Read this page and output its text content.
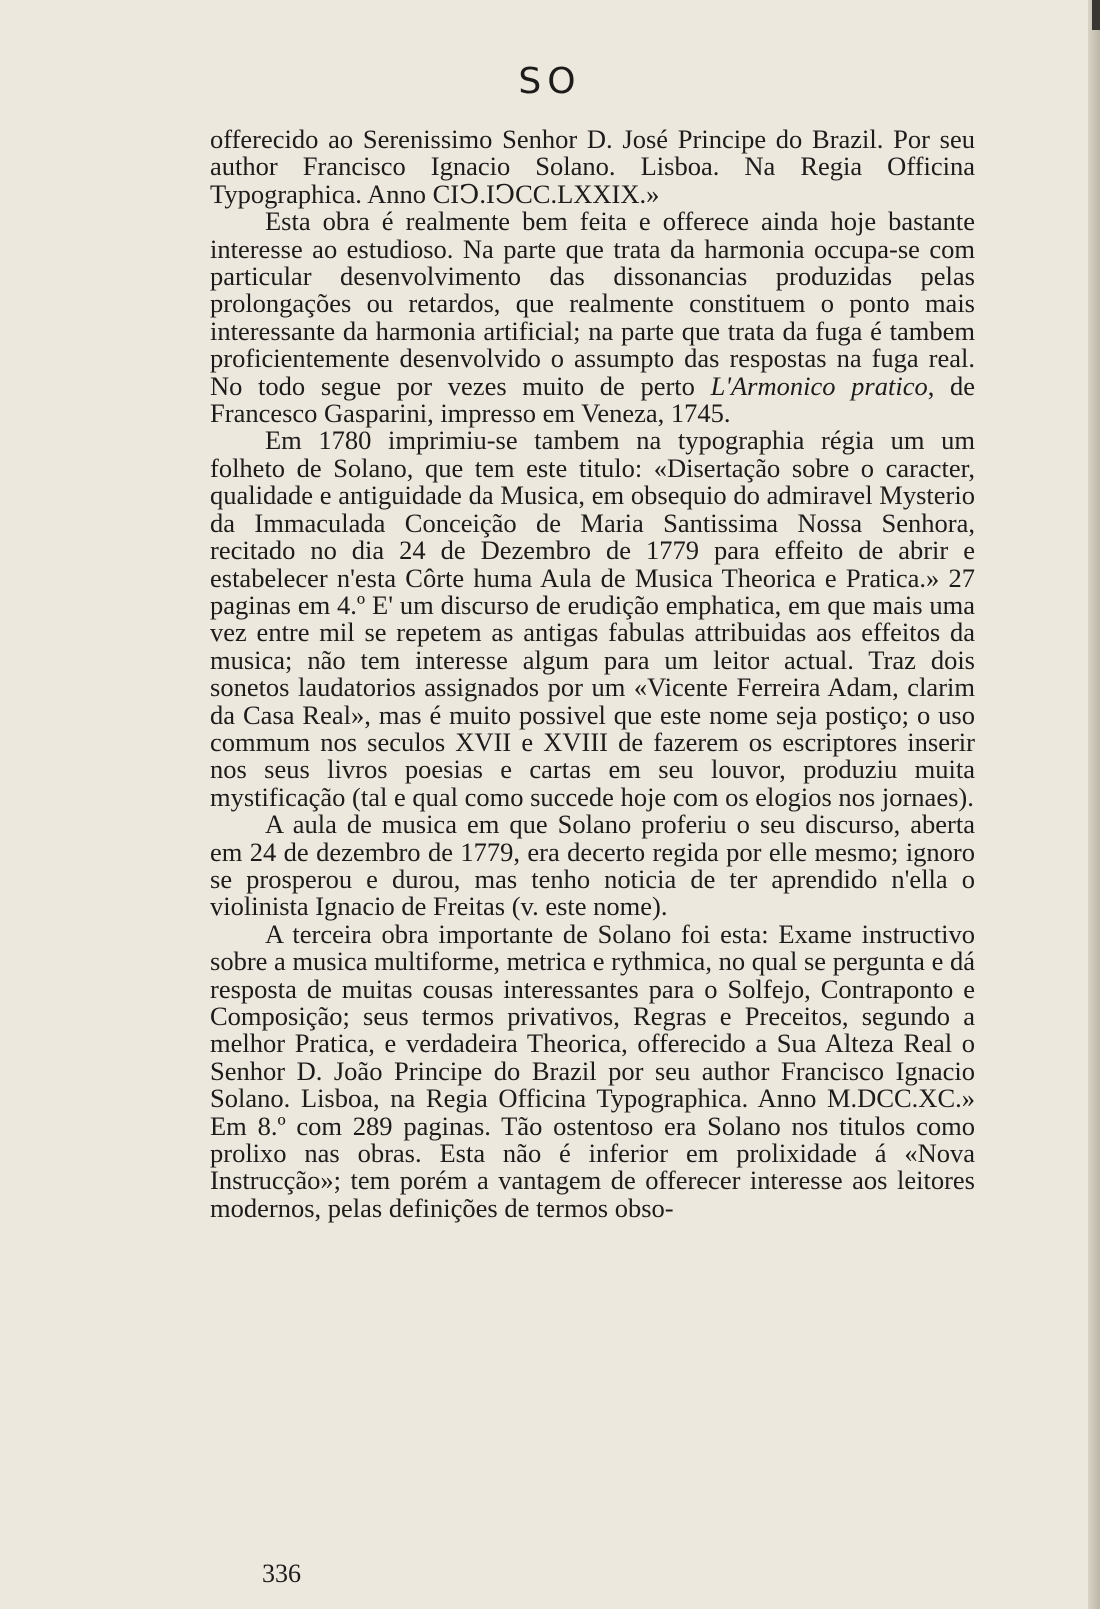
SO

offerecido ao Serenissimo Senhor D. José Principe do Brazil. Por seu author Francisco Ignacio Solano. Lisboa. Na Regia Officina Typographica. Anno CIↃ.IↃCC.LXXIX.»

Esta obra é realmente bem feita e offerece ainda hoje bastante interesse ao estudioso. Na parte que trata da harmonia occupa-se com particular desenvolvimento das dissonancias produzidas pelas prolongações ou retardos, que realmente constituem o ponto mais interessante da harmonia artificial; na parte que trata da fuga é tambem proficientemente desenvolvido o assumpto das respostas na fuga real. No todo segue por vezes muito de perto L'Armonico pratico, de Francesco Gasparini, impresso em Veneza, 1745.

Em 1780 imprimiu-se tambem na typographia régia um um folheto de Solano, que tem este titulo: «Disertação sobre o caracter, qualidade e antiguidade da Musica, em obsequio do admiravel Mysterio da Immaculada Conceição de Maria Santissima Nossa Senhora, recitado no dia 24 de Dezembro de 1779 para effeito de abrir e estabelecer n'esta Côrte huma Aula de Musica Theorica e Pratica.» 27 paginas em 4.º E' um discurso de erudição emphatica, em que mais uma vez entre mil se repetem as antigas fabulas attribuidas aos effeitos da musica; não tem interesse algum para um leitor actual. Traz dois sonetos laudatorios assignados por um «Vicente Ferreira Adam, clarim da Casa Real», mas é muito possivel que este nome seja postiço; o uso commum nos seculos XVII e XVIII de fazerem os escriptores inserir nos seus livros poesias e cartas em seu louvor, produziu muita mystificação (tal e qual como succede hoje com os elogios nos jornaes).

A aula de musica em que Solano proferiu o seu discurso, aberta em 24 de dezembro de 1779, era decerto regida por elle mesmo; ignoro se prosperou e durou, mas tenho noticia de ter aprendido n'ella o violinista Ignacio de Freitas (v. este nome).

A terceira obra importante de Solano foi esta: Exame instructivo sobre a musica multiforme, metrica e rythmica, no qual se pergunta e dá resposta de muitas cousas interessantes para o Solfejo, Contraponto e Composição; seus termos privativos, Regras e Preceitos, segundo a melhor Pratica, e verdadeira Theorica, offerecido a Sua Alteza Real o Senhor D. João Principe do Brazil por seu author Francisco Ignacio Solano. Lisboa, na Regia Officina Typographica. Anno M.DCC.XC.» Em 8.º com 289 paginas. Tão ostentoso era Solano nos titulos como prolixo nas obras. Esta não é inferior em prolixidade á «Nova Instrucção»; tem porém a vantagem de offerecer interesse aos leitores modernos, pelas definições de termos obso-

336
